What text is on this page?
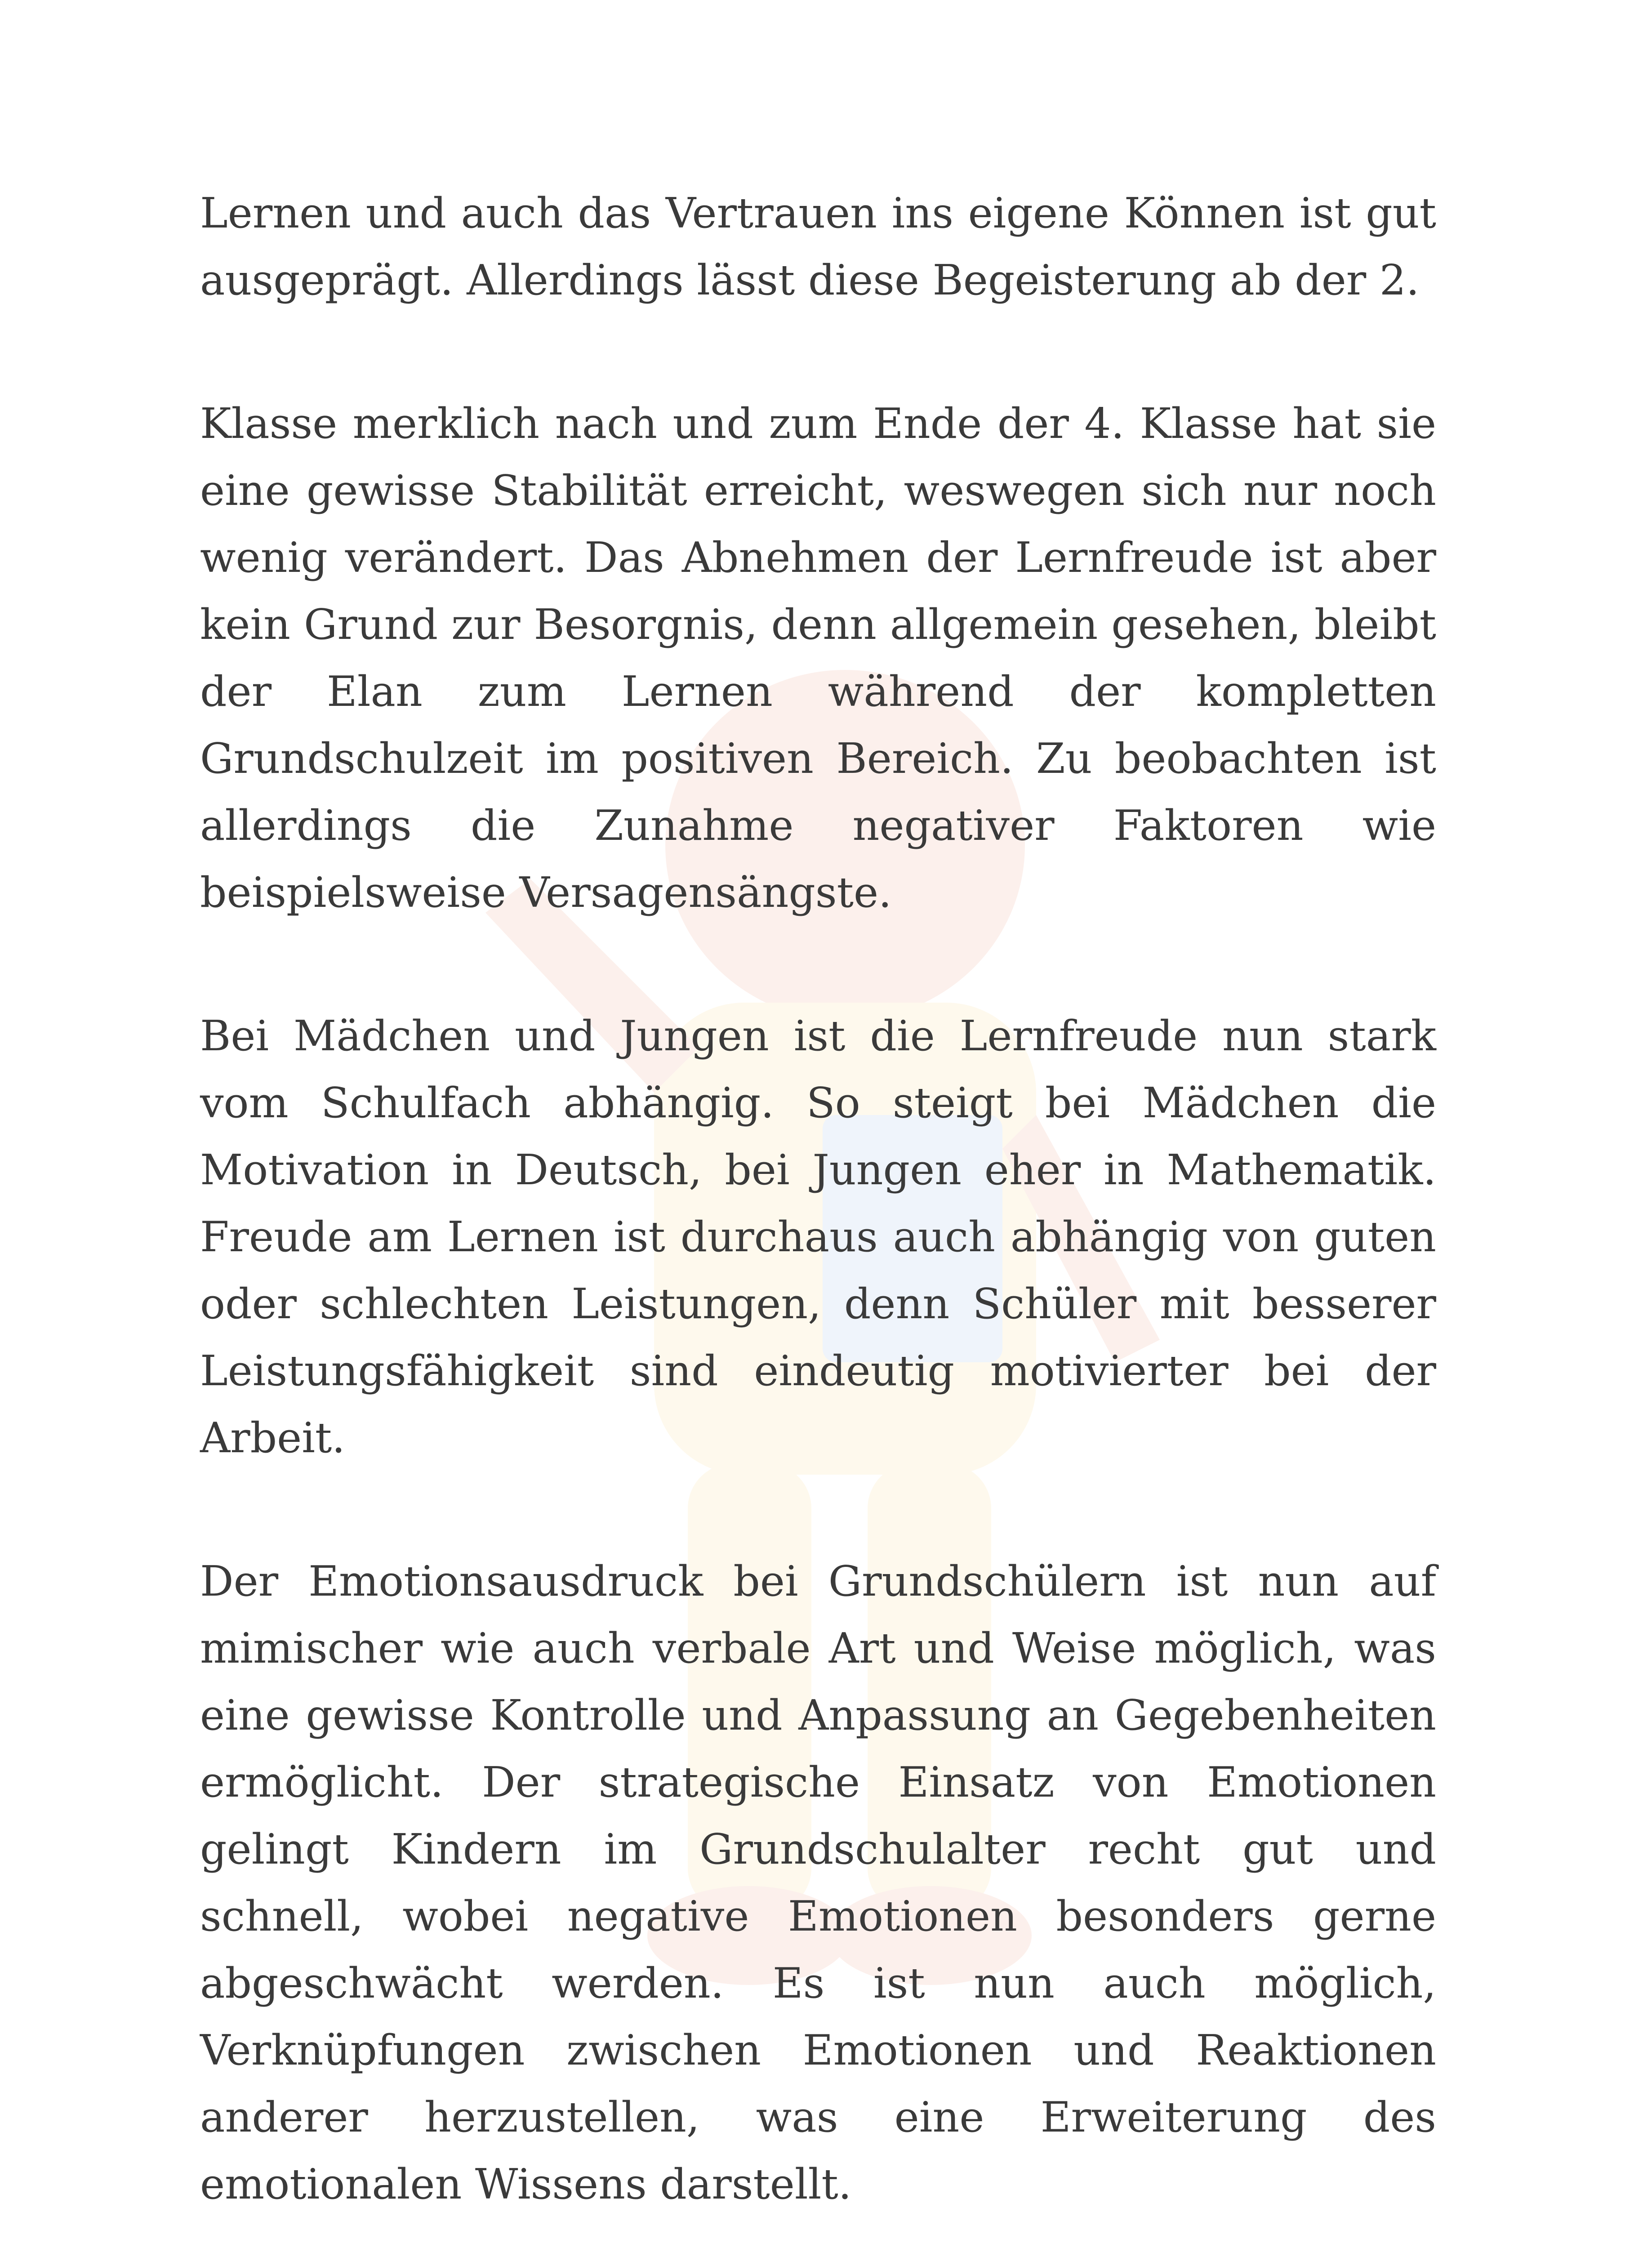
Lernen und auch das Vertrauen ins eigene Können ist gut ausgeprägt. Allerdings lässt diese Begeisterung ab der 2.

Klasse merklich nach und zum Ende der 4. Klasse hat sie eine gewisse Stabilität erreicht, weswegen sich nur noch wenig verändert. Das Abnehmen der Lernfreude ist aber kein Grund zur Besorgnis, denn allgemein gesehen, bleibt der Elan zum Lernen während der kompletten Grundschulzeit im positiven Bereich. Zu beobachten ist allerdings die Zunahme negativer Faktoren wie beispielsweise Versagensängste.

Bei Mädchen und Jungen ist die Lernfreude nun stark vom Schulfach abhängig. So steigt bei Mädchen die Motivation in Deutsch, bei Jungen eher in Mathematik. Freude am Lernen ist durchaus auch abhängig von guten oder schlechten Leistungen, denn Schüler mit besserer Leistungsfähigkeit sind eindeutig motivierter bei der Arbeit.

Der Emotionsausdruck bei Grundschülern ist nun auf mimischer wie auch verbale Art und Weise möglich, was eine gewisse Kontrolle und Anpassung an Gegebenheiten ermöglicht. Der strategische Einsatz von Emotionen gelingt Kindern im Grundschulalter recht gut und schnell, wobei negative Emotionen besonders gerne abgeschwächt werden. Es ist nun auch möglich, Verknüpfungen zwischen Emotionen und Reaktionen anderer herzustellen, was eine Erweiterung des emotionalen Wissens darstellt.
